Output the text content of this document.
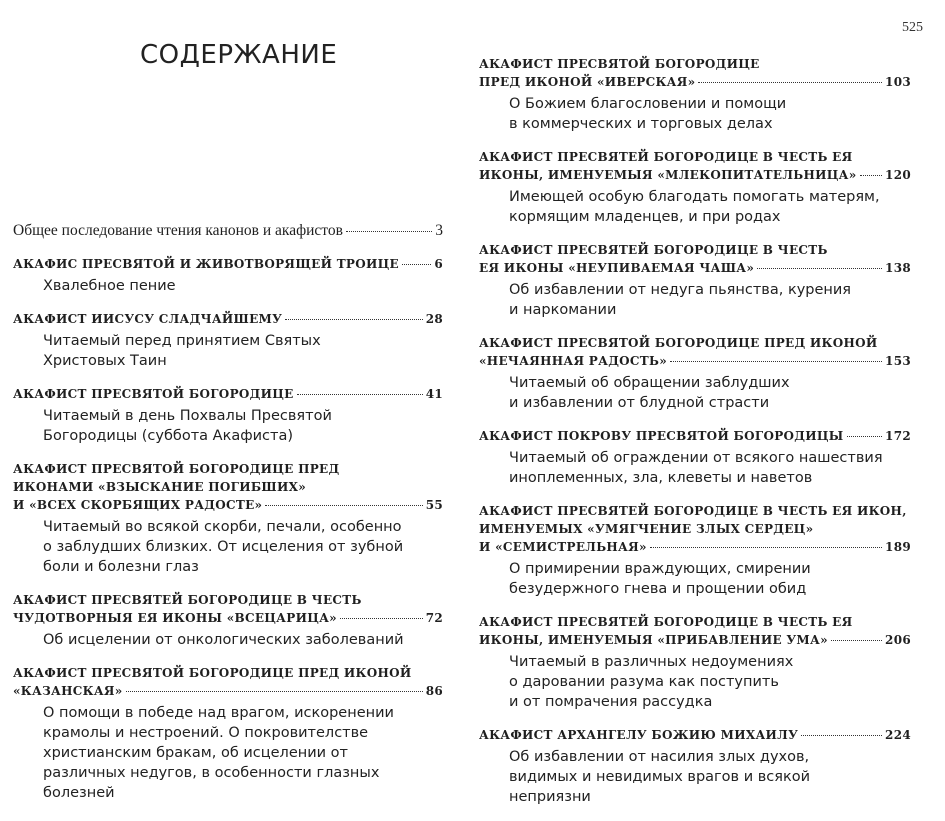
525
СОДЕРЖАНИЕ
Общее последование чтения канонов и акафистов	3
АКАФИС ПРЕСВЯТОЙ И ЖИВОТВОРЯЩЕЙ ТРОИЦЕ	6
Хвалебное пение
АКАФИСТ ИИСУСУ СЛАДЧАЙШЕМУ	28
Читаемый перед принятием Святых
Христовых Таин
АКАФИСТ ПРЕСВЯТОЙ БОГОРОДИЦЕ	41
Читаемый в день Похвалы Пресвятой
Богородицы (суббота Акафиста)
АКАФИСТ ПРЕСВЯТОЙ БОГОРОДИЦЕ ПРЕД
ИКОНАМИ «ВЗЫСКАНИЕ ПОГИБШИХ»
И «ВСЕХ СКОРБЯЩИХ РАДОСТЕ»	55
Читаемый во всякой скорби, печали, особенно
о заблудших близких. От исцеления от зубной
боли и болезни глаз
АКАФИСТ ПРЕСВЯТЕЙ БОГОРОДИЦЕ В ЧЕСТЬ
ЧУДОТВОРНЫЯ ЕЯ ИКОНЫ «ВСЕЦАРИЦА»	72
Об исцелении от онкологических заболеваний
АКАФИСТ ПРЕСВЯТОЙ БОГОРОДИЦЕ ПРЕД ИКОНОЙ
«КАЗАНСКАЯ»	86
О помощи в победе над врагом, искоренении
крамолы и нестроений. О покровителстве
христианским бракам, об исцелении от
различных недугов, в особенности глазных
болезней
АКАФИСТ ПРЕСВЯТОЙ БОГОРОДИЦЕ
ПРЕД ИКОНОЙ «ИВЕРСКАЯ»	103
О Божием благословении и помощи
в коммерческих и торговых делах
АКАФИСТ ПРЕСВЯТЕЙ БОГОРОДИЦЕ В ЧЕСТЬ ЕЯ
ИКОНЫ, ИМЕНУЕМЫЯ «МЛЕКОПИТАТЕЛЬНИЦА» 120
Имеющей особую благодать помогать матерям,
кормящим младенцев, и при родах
АКАФИСТ ПРЕСВЯТЕЙ БОГОРОДИЦЕ В ЧЕСТЬ
ЕЯ ИКОНЫ «НЕУПИВАЕМАЯ ЧАША»	138
Об избавлении от недуга пьянства, курения
и наркомании
АКАФИСТ ПРЕСВЯТОЙ БОГОРОДИЦЕ ПРЕД ИКОНОЙ
«НЕЧАЯННАЯ РАДОСТЬ»	153
Читаемый об обращении заблудших
и избавлении от блудной страсти
АКАФИСТ ПОКРОВУ ПРЕСВЯТОЙ БОГОРОДИЦЫ	172
Читаемый об ограждении от всякого нашествия
иноплеменных, зла, клеветы и наветов
АКАФИСТ ПРЕСВЯТЕЙ БОГОРОДИЦЕ В ЧЕСТЬ ЕЯ ИКОН,
ИМЕНУЕМЫХ «УМЯГЧЕНИЕ ЗЛЫХ СЕРДЕЦ»
И «СЕМИСТРЕЛЬНАЯ»	189
О примирении враждующих, смирении
безудержного гнева и прощении обид
АКАФИСТ ПРЕСВЯТЕЙ БОГОРОДИЦЕ В ЧЕСТЬ ЕЯ
ИКОНЫ, ИМЕНУЕМЫЯ «ПРИБАВЛЕНИЕ УМА»	206
Читаемый в различных недоумениях
о даровании разума как поступить
и от помрачения рассудка
АКАФИСТ АРХАНГЕЛУ БОЖИЮ МИХАИЛУ	224
Об избавлении от насилия злых духов,
видимых и невидимых врагов и всякой
неприязни
